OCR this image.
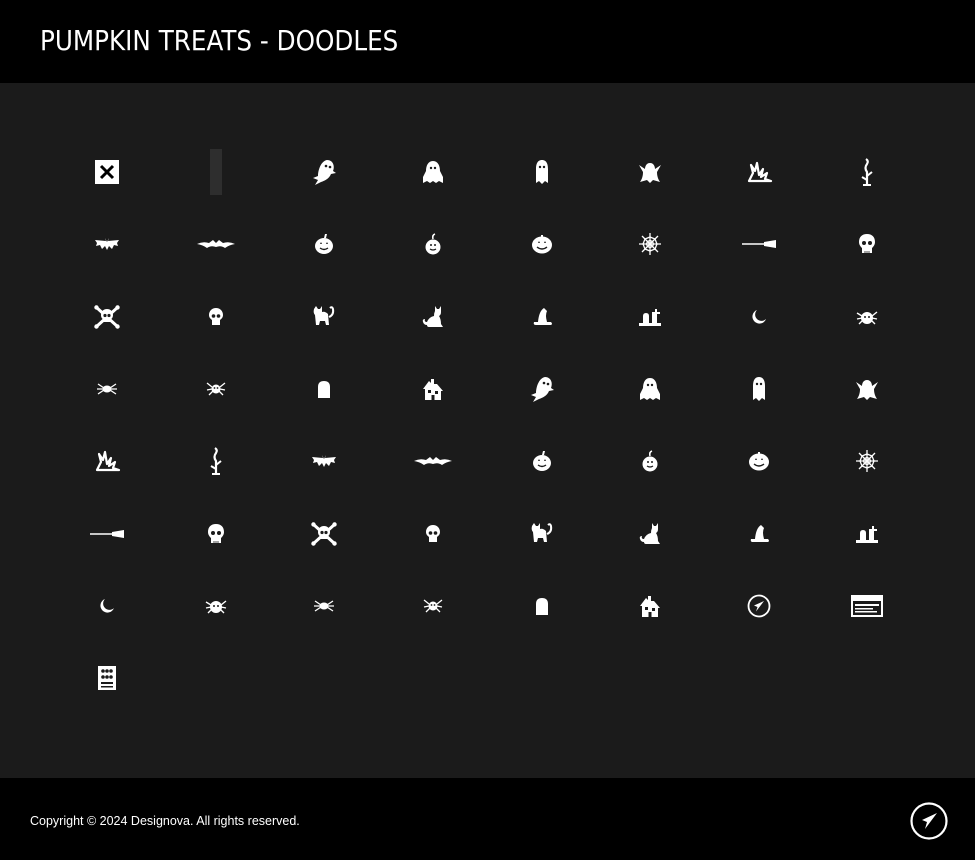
PUMPKIN TREATS - DOODLES
Copyright © 2024 Designova. All rights reserved.
